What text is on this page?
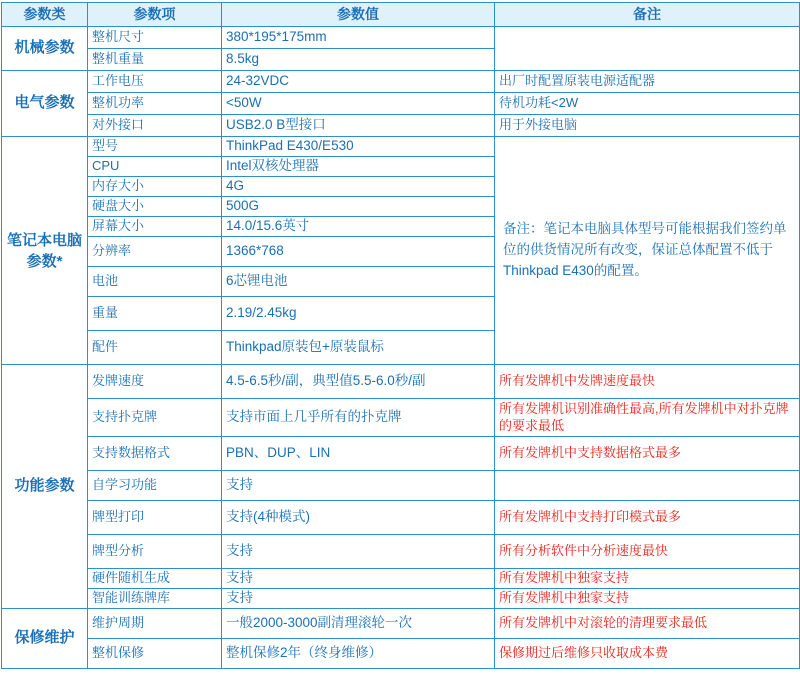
参数类	参数项	参数值	备注
机械参数	整机尺寸	380*195*175mm	
	整机重量	8.5kg	
电气参数	工作电压	24-32VDC	出厂时配置原装电源适配器
	整机功率	<50W	待机功耗<2W
	对外接口	USB2.0 B型接口	用于外接电脑
笔记本电脑参数*	型号	ThinkPad E430/E530	备注：笔记本电脑具体型号可能根据我们签约单位的供货情况所有改变，保证总体配置不低于Thinkpad E430的配置。
	CPU	Intel双核处理器	
	内存大小	4G	
	硬盘大小	500G	
	屏幕大小	14.0/15.6英寸	
	分辨率	1366*768	
	电池	6芯锂电池	
	重量	2.19/2.45kg	
	配件	Thinkpad原装包+原装鼠标	
功能参数	发牌速度	4.5-6.5秒/副，典型值5.5-6.0秒/副	所有发牌机中发牌速度最快
	支持扑克牌	支持市面上几乎所有的扑克牌	所有发牌机识别准确性最高,所有发牌机中对扑克牌的要求最低
	支持数据格式	PBN、DUP、LIN	所有发牌机中支持数据格式最多
	自学习功能	支持	
	牌型打印	支持(4种模式)	所有发牌机中支持打印模式最多
	牌型分析	支持	所有分析软件中分析速度最快
	硬件随机生成	支持	所有发牌机中独家支持
	智能训练牌库	支持	所有发牌机中独家支持
保修维护	维护周期	一般2000-3000副清理滚轮一次	所有发牌机中对滚轮的清理要求最低
	整机保修	整机保修2年（终身维修）	保修期过后维修只收取成本费
